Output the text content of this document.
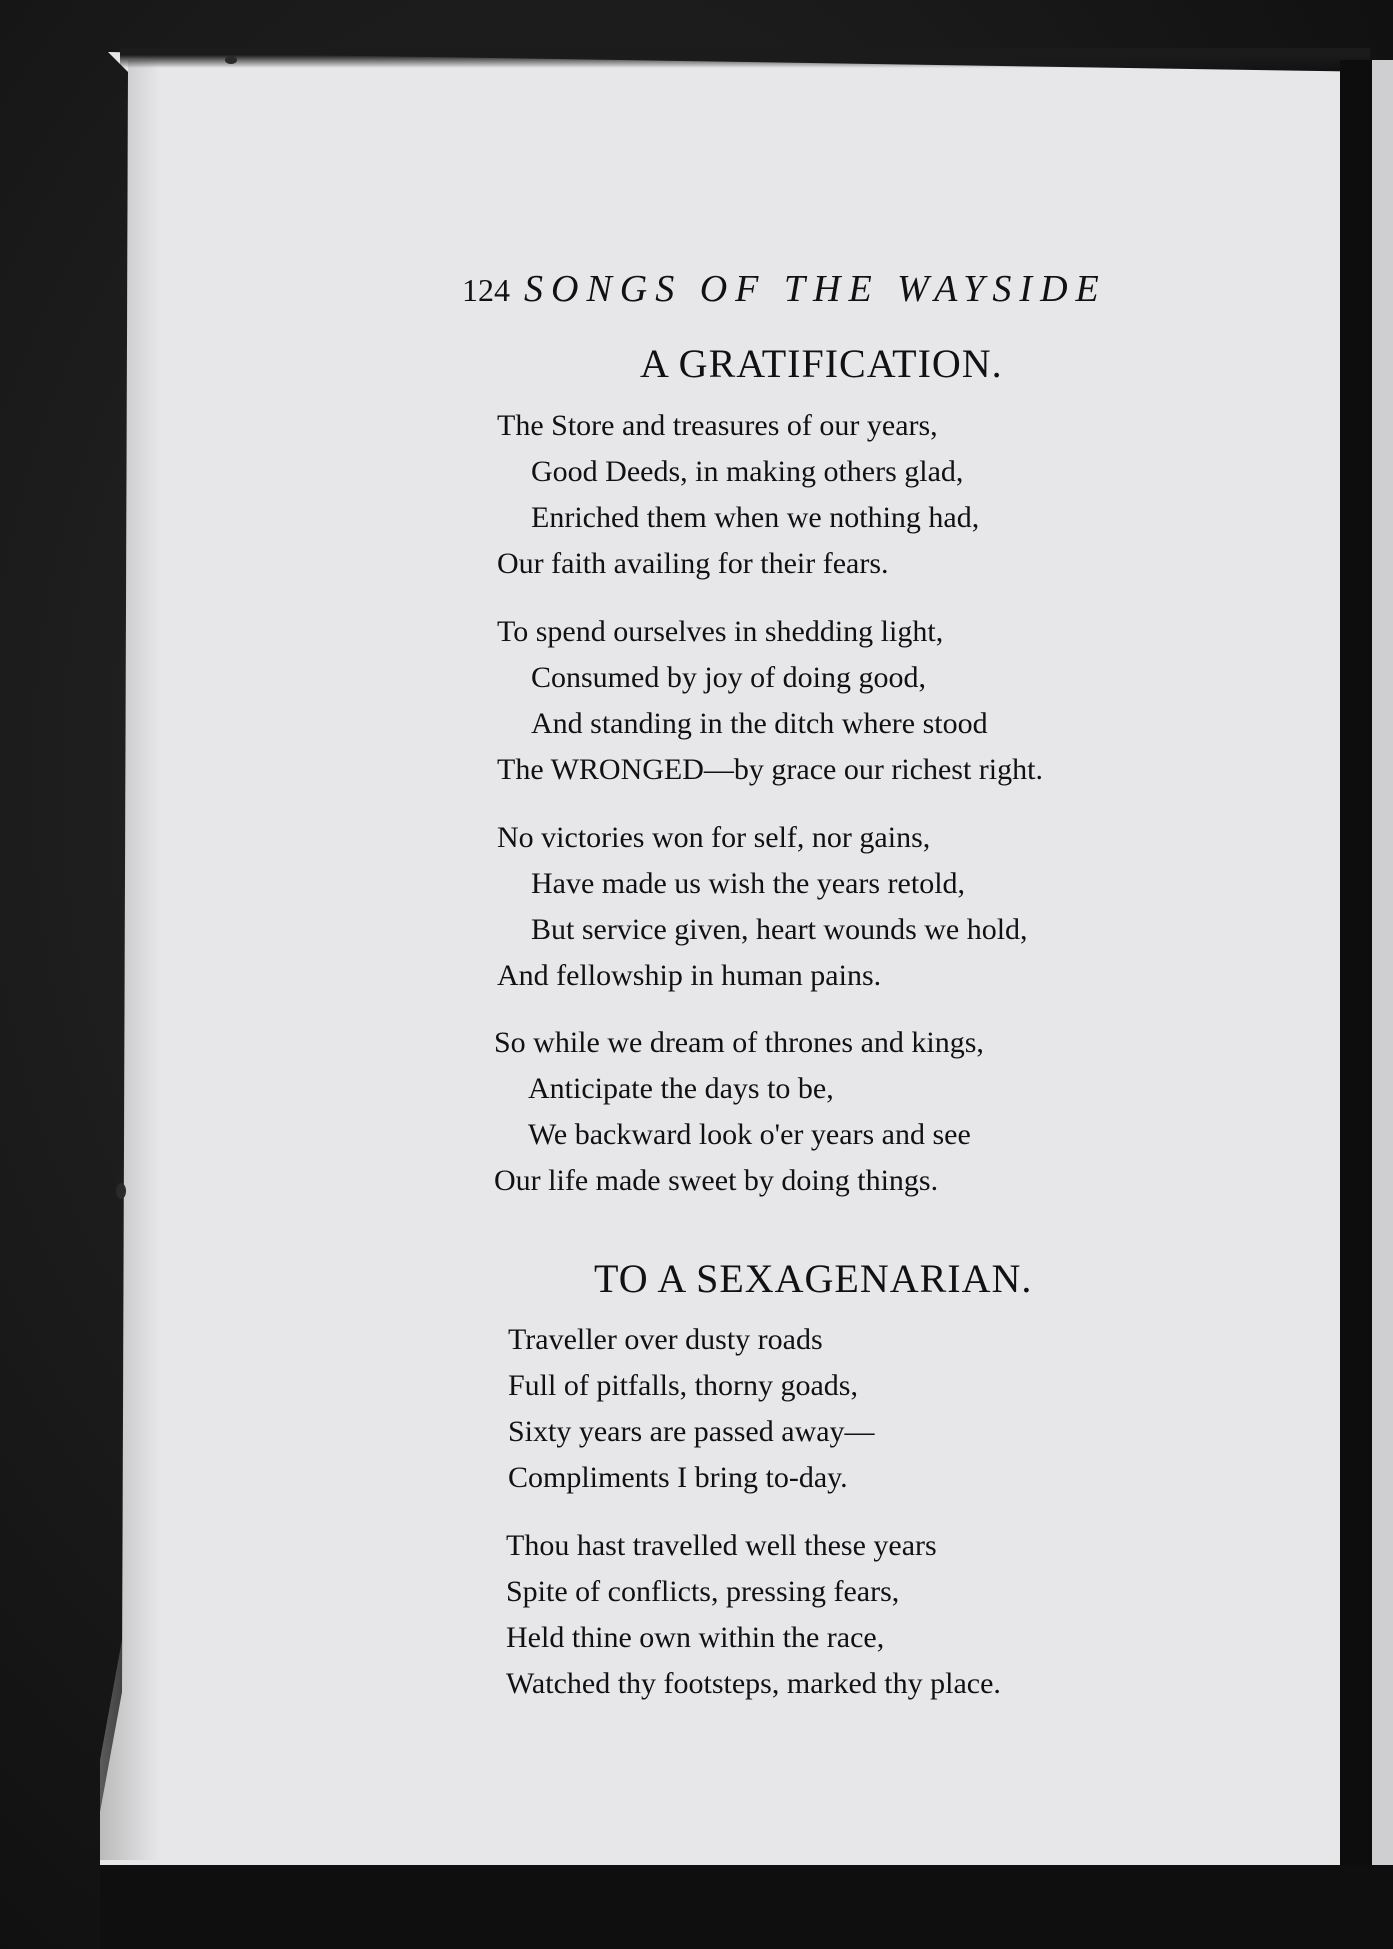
124 SONGS OF THE WAYSIDE
A GRATIFICATION.
The Store and treasures of our years,
Good Deeds, in making others glad,
Enriched them when we nothing had,
Our faith availing for their fears.
To spend ourselves in shedding light,
Consumed by joy of doing good,
And standing in the ditch where stood
The WRONGED—by grace our richest right.
No victories won for self, nor gains,
Have made us wish the years retold,
But service given, heart wounds we hold,
And fellowship in human pains.
So while we dream of thrones and kings,
Anticipate the days to be,
We backward look o'er years and see
Our life made sweet by doing things.
TO A SEXAGENARIAN.
Traveller over dusty roads
Full of pitfalls, thorny goads,
Sixty years are passed away—
Compliments I bring to-day.
Thou hast travelled well these years
Spite of conflicts, pressing fears,
Held thine own within the race,
Watched thy footsteps, marked thy place.
